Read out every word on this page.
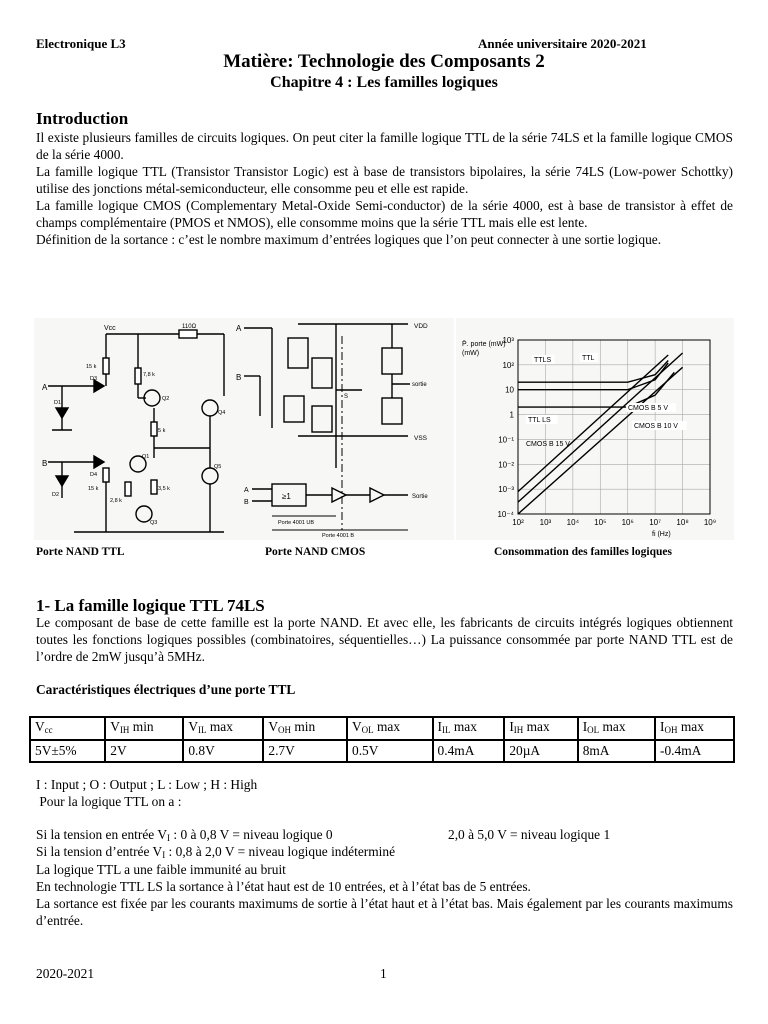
Electronique L3	Année universitaire 2020-2021
Matière: Technologie des Composants 2
Chapitre 4 : Les familles logiques
Introduction

Il existe plusieurs familles de circuits logiques. On peut citer la famille logique TTL de la série 74LS et la famille logique CMOS de la série 4000.

La famille logique TTL (Transistor Transistor Logic) est à base de transistors bipolaires, la série 74LS (Low-power Schottky) utilise des jonctions métal-semiconducteur, elle consomme peu et elle est rapide.

La famille logique CMOS (Complementary Metal-Oxide Semi-conductor) de la série 4000, est à base de transistor à effet de champs complémentaire (PMOS et NMOS), elle consomme moins que la série TTL mais elle est lente.

Définition de la sortance : c’est le nombre maximum d’entrées logiques que l’on peut connecter à une sortie logique.

Vcc	110Ω
15 k
7,8 k
A
D1
D3
Q2
Q4
5 k
Q1
Q5
B
D4
D2
15 k
2,8 k
3,5 k
Q3
A
B
VDD
S
sortie
VSS
A
B
≥1	Sortie
Porte 4001 UB
Porte 4001 B
P̄. porte (mW)
(mW)
fi (Hz)
10² 10³ 10⁴ 10⁵ 10⁶ 10⁷ 10⁸ 10⁹
10³
10²
10
1
10⁻¹
10⁻²
10⁻³
10⁻⁴
TTLS	TTL
TTL LS
CMOS B 5 V
CMOS B 10 V
CMOS B 15 V
Porte NAND TTL	Porte NAND CMOS	Consommation des familles logiques
1- La famille logique TTL 74LS
Le composant de base de cette famille est la porte NAND. Et avec elle, les fabricants de circuits intégrés logiques obtiennent toutes les fonctions logiques possibles (combinatoires, séquentielles…) La puissance consommée par porte NAND TTL est de l’ordre de 2mW jusqu’à 5MHz.
Caractéristiques électriques d’une porte TTL
$V_{cc}$	$V_{IH}$ min	$V_{IL}$ max	$V_{OH}$ min	$V_{OL}$ max	$I_{IL}$ max	$I_{IH}$ max	$I_{OL}$ max	$I_{OH}$ max
5V±5%	2V	0.8V	2.7V	0.5V	0.4mA	20µA	8mA	-0.4mA
I : Input ; O : Output ; L : Low ; H : High
Pour la logique TTL on a :
Si la tension en entrée $V_I$ : 0 à 0,8 V = niveau logique 0	2,0 à 5,0 V = niveau logique 1
Si la tension d’entrée $V_I$ : 0,8 à 2,0 V = niveau logique indéterminé
La logique TTL a une faible immunité au bruit
En technologie TTL LS la sortance à l’état haut est de 10 entrées, et à l’état bas de 5 entrées.
La sortance est fixée par les courants maximums de sortie à l’état haut et à l’état bas. Mais également par les courants maximums d’entrée.
2020-2021	1
